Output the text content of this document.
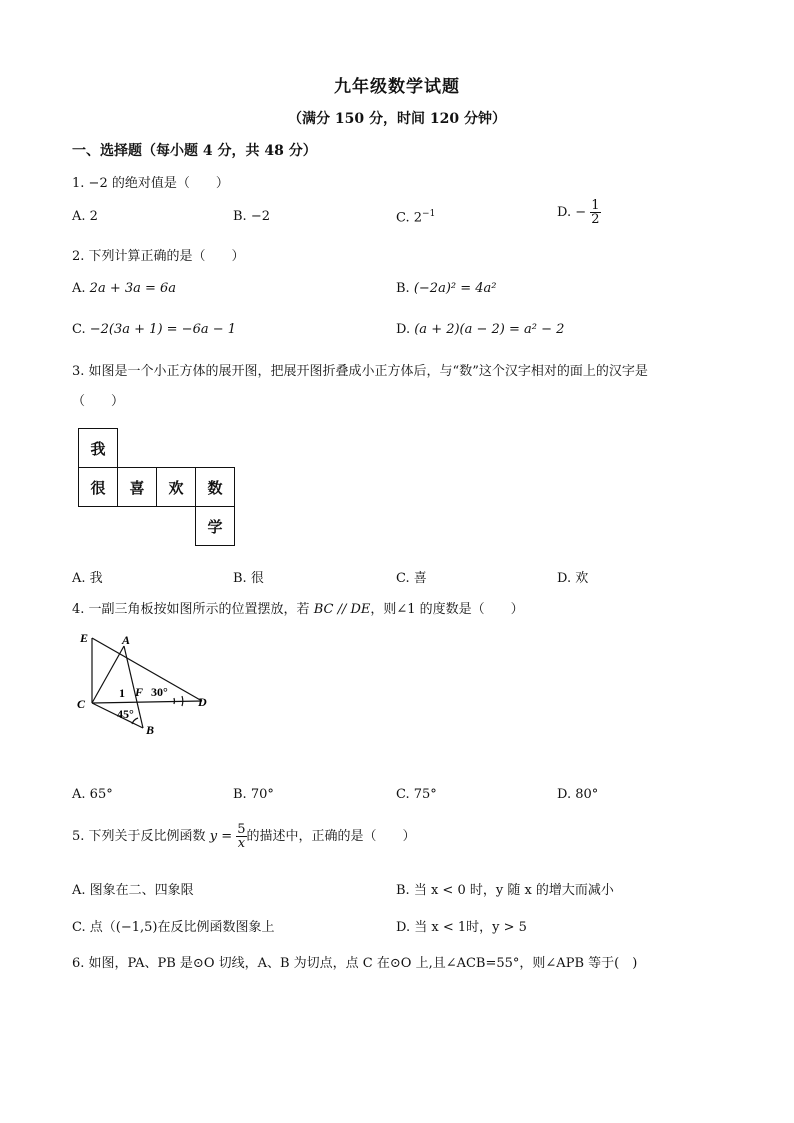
九年级数学试题
（满分 150 分，时间 120 分钟）
一、选择题（每小题 4 分，共 48 分）
1. −2 的绝对值是（　　）
A. 2	B. −2	C. $2^{-1}$	D. − $\frac{1}{2}$
2. 下列计算正确的是（　　）
A. 2a + 3a = 6a	B. (−2a)² = 4a²
C. −2(3a + 1) = −6a − 1	D. (a + 2)(a − 2) = a² − 2
3. 如图是一个小正方体的展开图，把展开图折叠成小正方体后，与“数”这个汉字相对的面上的汉字是
（　　）
我
很	喜	欢	数
学
A. 我	B. 很	C. 喜	D. 欢
4. 一副三角板按如图所示的位置摆放，若 BC // DE，则∠1 的度数是（　　）
E	A
C
B
D
F
1 30°
45°
A. 65°	B. 70°	C. 75°	D. 80°
5. 下列关于反比例函数 $y = \frac{5}{x}$ 的描述中，正确的是（　　）
A. 图象在二、四象限	B. 当 x < 0 时，y 随 x 的增大而减小
C. 点（(−1,5)在反比例函数图象上	D. 当 x < 1时，y > 5
6. 如图，PA、PB 是⊙O 切线，A、B 为切点，点 C 在⊙O 上,且∠ACB=55°，则∠APB 等于(　)
